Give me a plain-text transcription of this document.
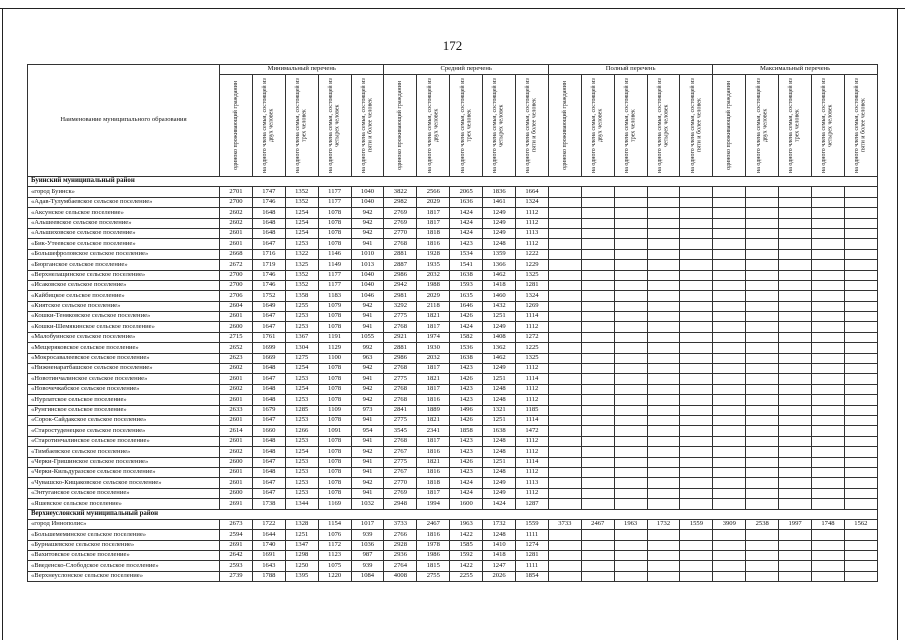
172
Наименование муниципального образования	Минимальный перечень					Средний перечень					Полный перечень					Максимальный перечень				

	одиноко проживающий гражданин	на одного члена семьи, состоящей из двух человек	на одного члена семьи, состоящей из трех человек	на одного члена семьи, состоящей из четырех человек	на одного члена семьи, состоящей из пяти и более человек	одиноко проживающий гражданин	на одного члена семьи, состоящей из двух человек	на одного члена семьи, состоящей из трех человек	на одного члена семьи, состоящей из четырех человек	на одного члена семьи, состоящей из пяти и более человек	одиноко проживающий гражданин	на одного члена семьи, состоящей из двух человек	на одного члена семьи, состоящей из трех человек	на одного члена семьи, состоящей из четырех человек	на одного члена семьи, состоящей из пяти и более человек	одиноко проживающий гражданин	на одного члена семьи, состоящей из двух человек	на одного члена семьи, состоящей из трех человек	на одного члена семьи, состоящей из четырех человек	на одного члена семьи, состоящей из пяти и более человек

Буинский муниципальный район																				
«город Буинск»	2701	1747	1352	1177	1040	3822	2566	2065	1836	1664										
«Адав-Тулумбаевское сельское поселение»	2700	1746	1352	1177	1040	2982	2029	1636	1461	1324										
«Аксунское сельское поселение»	2602	1648	1254	1078	942	2769	1817	1424	1249	1112										
«Альшеевское сельское поселение»	2602	1648	1254	1078	942	2769	1817	1424	1249	1112										
«Альшиховское сельское поселение»	2601	1648	1254	1078	942	2770	1818	1424	1249	1113										
«Бик-Утеевское сельское поселение»	2601	1647	1253	1078	941	2768	1816	1423	1248	1112										
«Большефроловское сельское поселение»	2668	1716	1322	1146	1010	2881	1928	1534	1359	1222										
«Бюрганское сельское поселение»	2672	1719	1325	1149	1013	2887	1935	1541	1366	1229										
«Верхнелащинское сельское поселение»	2700	1746	1352	1177	1040	2986	2032	1638	1462	1325										
«Исаковское сельское поселение»	2700	1746	1352	1177	1040	2942	1988	1593	1418	1281										
«Кайбицкое сельское поселение»	2706	1752	1358	1183	1046	2981	2029	1635	1460	1324										
«Киятское сельское поселение»	2604	1649	1255	1079	942	3292	2118	1646	1432	1269										
«Кошки-Теняковское сельское поселение»	2601	1647	1253	1078	941	2775	1821	1426	1251	1114										
«Кошки-Шемякинское сельское поселение»	2600	1647	1253	1078	941	2768	1817	1424	1249	1112										
«Малобуинское сельское поселение»	2715	1761	1367	1191	1055	2921	1974	1582	1408	1272										
«Мещеряковское сельское поселение»	2652	1699	1304	1129	992	2881	1930	1536	1362	1225										
«Мокросавалеевское сельское поселение»	2623	1669	1275	1100	963	2986	2032	1638	1462	1325										
«Нижненаратбашское сельское поселение»	2602	1648	1254	1078	942	2768	1817	1423	1249	1112										
«Новотинчалинское сельское поселение»	2601	1647	1253	1078	941	2775	1821	1426	1251	1114										
«Новочечкабское сельское поселение»	2602	1648	1254	1078	942	2768	1817	1423	1248	1112										
«Нурлатское сельское поселение»	2601	1648	1253	1078	942	2768	1816	1423	1248	1112										
«Рунгинское сельское поселение»	2633	1679	1285	1109	973	2841	1889	1496	1321	1185										
«Сорок-Сайдакское сельское поселение»	2601	1647	1253	1078	941	2775	1821	1426	1251	1114										
«Старостуденецкое сельское поселение»	2614	1660	1266	1091	954	3545	2341	1858	1638	1472										
«Старотинчалинское сельское поселение»	2601	1648	1253	1078	941	2768	1817	1423	1248	1112										
«Тимбаевское сельское поселение»	2602	1648	1254	1078	942	2767	1816	1423	1248	1112										
«Черки-Гришинское сельское поселение»	2600	1647	1253	1078	941	2775	1821	1426	1251	1114										
«Черки-Кильдуразское сельское поселение»	2601	1648	1253	1078	941	2767	1816	1423	1248	1112										
«Чувашско-Кищаковское сельское поселение»	2601	1647	1253	1078	942	2770	1818	1424	1249	1113										
«Энтуганское сельское поселение»	2600	1647	1253	1078	941	2769	1817	1424	1249	1112										
«Яшевское сельское поселение»	2691	1738	1344	1169	1032	2948	1994	1600	1424	1287										
Верхнеуслонский муниципальный район																				
«город Иннополис»	2673	1722	1328	1154	1017	3733	2467	1963	1732	1559	3733	2467	1963	1732	1559	3909	2538	1997	1748	1562
«Большемеминское сельское поселение»	2594	1644	1251	1076	939	2766	1816	1422	1248	1111										
«Бурнашевское сельское поселение»	2691	1740	1347	1172	1036	2928	1978	1585	1410	1274										
«Вахитовское сельское поселение»	2642	1691	1298	1123	987	2936	1986	1592	1418	1281										
«Введенско-Слободское сельское поселение»	2593	1643	1250	1075	939	2764	1815	1422	1247	1111										
«Верхнеуслонское сельское поселение»	2739	1788	1395	1220	1084	4008	2755	2255	2026	1854										
